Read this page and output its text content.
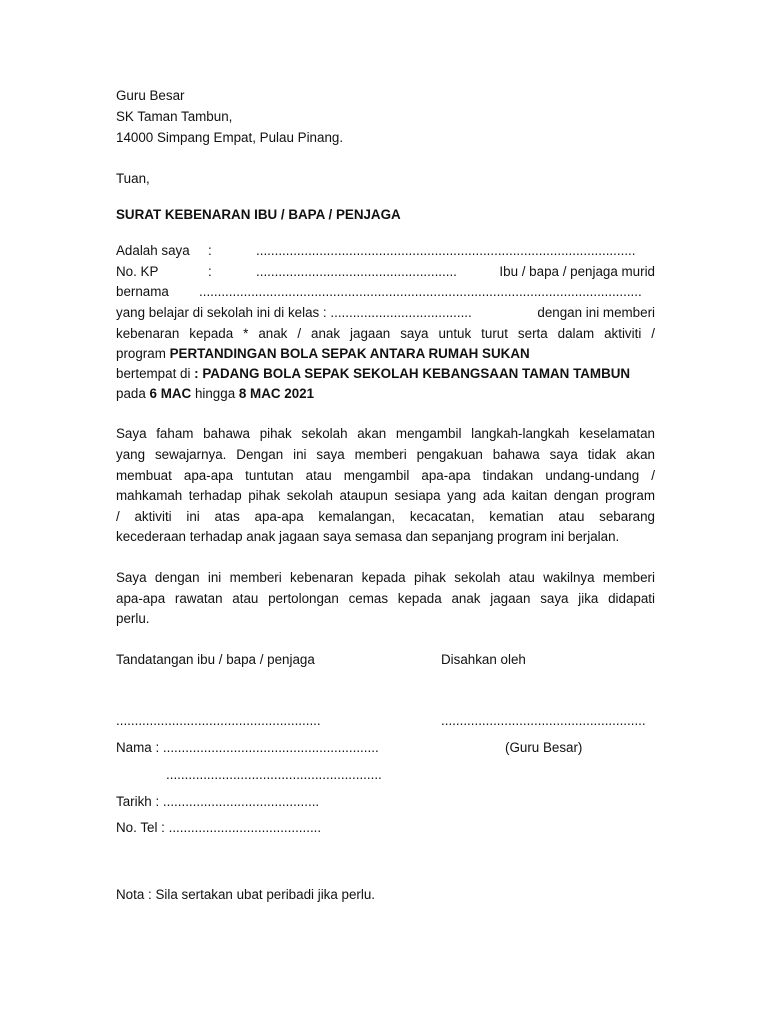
Guru Besar
SK Taman Tambun,
14000 Simpang Empat, Pulau Pinang.
Tuan,
SURAT KEBENARAN IBU / BAPA / PENJAGA
Adalah saya :	......................................................................................................
No. KP	:	......................................................	Ibu / bapa / penjaga murid
bernama .......................................................................................................................
yang belajar di sekolah ini di kelas : ......................................	dengan ini memberi
kebenaran kepada * anak / anak jagaan saya untuk turut serta dalam aktiviti /
program PERTANDINGAN BOLA SEPAK ANTARA RUMAH SUKAN
bertempat di : PADANG BOLA SEPAK SEKOLAH KEBANGSAAN TAMAN TAMBUN
pada 6 MAC hingga 8 MAC 2021
Saya faham bahawa pihak sekolah akan mengambil langkah-langkah keselamatan
yang sewajarnya. Dengan ini saya memberi pengakuan bahawa saya tidak akan
membuat apa-apa tuntutan atau mengambil apa-apa tindakan undang-undang /
mahkamah terhadap pihak sekolah ataupun sesiapa yang ada kaitan dengan program
/ aktiviti ini atas apa-apa kemalangan, kecacatan, kematian atau sebarang
kecederaan terhadap anak jagaan saya semasa dan sepanjang program ini berjalan.
Saya dengan ini memberi kebenaran kepada pihak sekolah atau wakilnya memberi
apa-apa rawatan atau pertolongan cemas kepada anak jagaan saya jika didapati
perlu.
Tandatangan ibu / bapa / penjaga	Disahkan oleh
.......................................................	.......................................................
Nama : ..........................................................	(Guru Besar)
..........................................................
Tarikh : ..........................................
No. Tel : .........................................
Nota : Sila sertakan ubat peribadi jika perlu.
